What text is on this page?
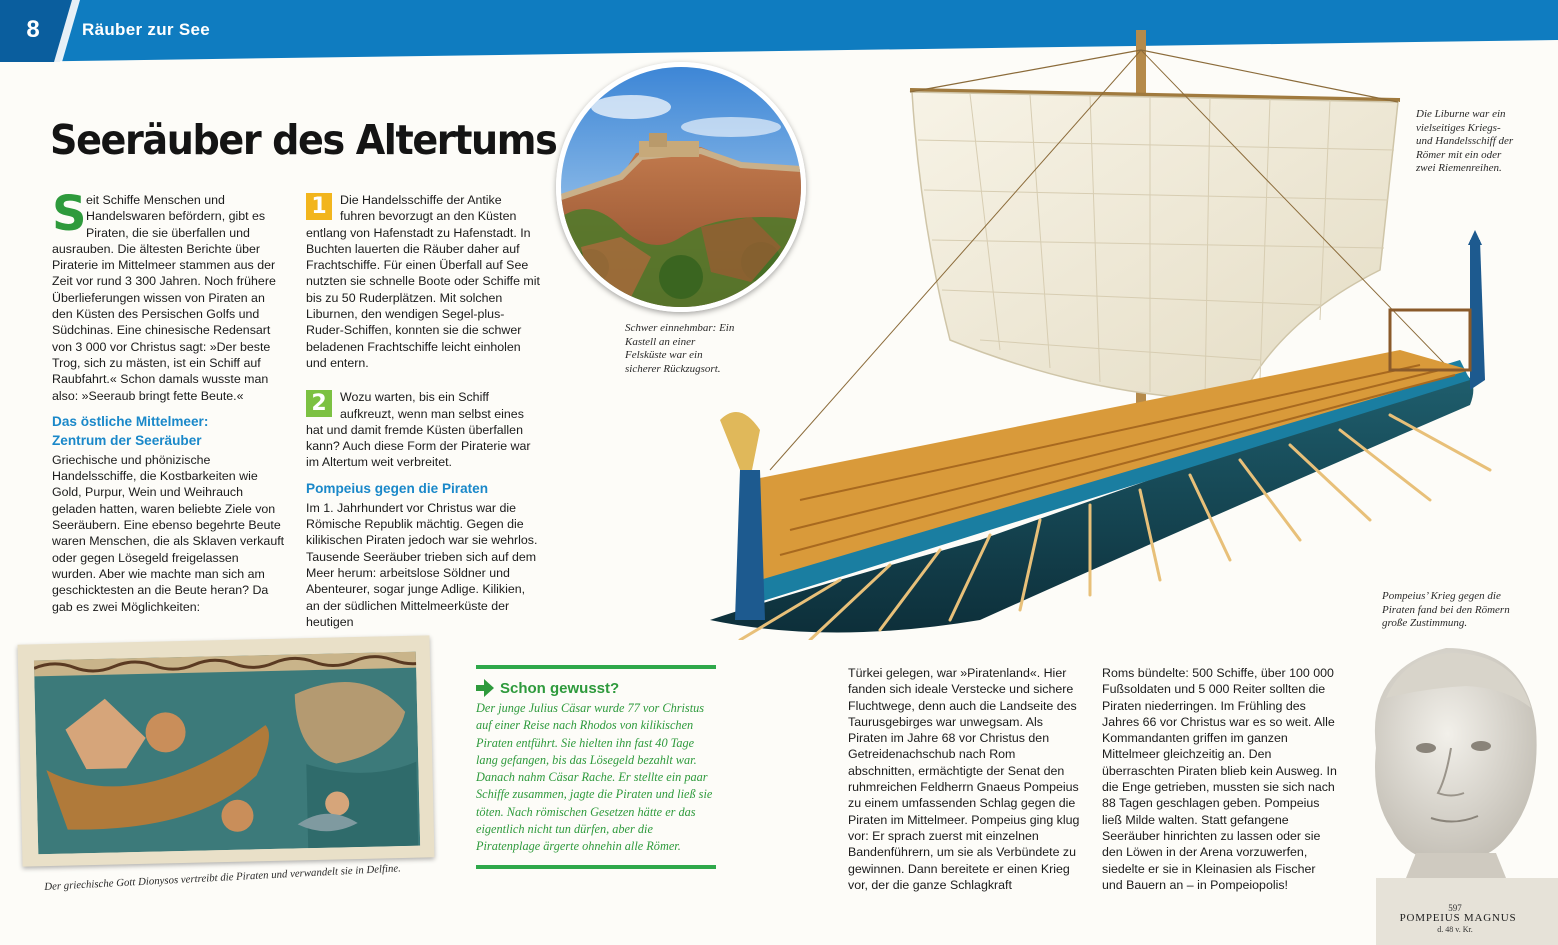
8	Räuber zur See
Seeräuber des Altertums

Seit Schiffe Menschen und Handelswaren befördern, gibt es Piraten, die sie überfallen und ausrauben. Die ältesten Berichte über Piraterie im Mittelmeer stammen aus der Zeit vor rund 3 300 Jahren. Noch frühere Überlieferungen wissen von Piraten an den Küsten des Persischen Golfs und Südchinas. Eine chinesische Redensart von 3 000 vor Christus sagt: »Der beste Trog, sich zu mästen, ist ein Schiff auf Raubfahrt.« Schon damals wusste man also: »Seeraub bringt fette Beute.«

Das östliche Mittelmeer:
Zentrum der Seeräuber

Griechische und phönizische Handelsschiffe, die Kostbarkeiten wie Gold, Purpur, Wein und Weihrauch geladen hatten, waren beliebte Ziele von Seeräubern. Eine ebenso begehrte Beute waren Menschen, die als Sklaven verkauft oder gegen Lösegeld freigelassen wurden. Aber wie machte man sich am geschicktesten an die Beute heran? Da gab es zwei Möglichkeiten:

1	Die Handelsschiffe der Antike fuhren bevorzugt an den Küsten entlang von Hafenstadt zu Hafenstadt. In Buchten lauerten die Räuber daher auf Frachtschiffe. Für einen Überfall auf See nutzten sie schnelle Boote oder Schiffe mit bis zu 50 Ruderplätzen. Mit solchen Liburnen, den wendigen Segel-plus-Ruder-Schiffen, konnten sie die schwer beladenen Frachtschiffe leicht einholen und entern.

2	Wozu warten, bis ein Schiff aufkreuzt, wenn man selbst eines hat und damit fremde Küsten überfallen kann? Auch diese Form der Piraterie war im Altertum weit verbreitet.

Pompeius gegen die Piraten

Im 1. Jahrhundert vor Christus war die Römische Republik mächtig. Gegen die kilikischen Piraten jedoch war sie wehrlos. Tausende Seeräuber trieben sich auf dem Meer herum: arbeitslose Söldner und Abenteurer, sogar junge Adlige. Kilikien, an der südlichen Mittelmeerküste der heutigen

Türkei gelegen, war »Piratenland«. Hier fanden sich ideale Verstecke und sichere Fluchtwege, denn auch die Landseite des Taurusgebirges war unwegsam. Als Piraten im Jahre 68 vor Christus den Getreidenachschub nach Rom abschnitten, ermächtigte der Senat den ruhmreichen Feldherrn Gnaeus Pompeius zu einem umfassenden Schlag gegen die Piraten im Mittelmeer. Pompeius ging klug vor: Er sprach zuerst mit einzelnen Bandenführern, um sie als Verbündete zu gewinnen. Dann bereitete er einen Krieg vor, der die ganze Schlagkraft

Roms bündelte: 500 Schiffe, über 100 000 Fußsoldaten und 5 000 Reiter sollten die Piraten niederringen. Im Frühling des Jahres 66 vor Christus war es so weit. Alle Kommandanten griffen im ganzen Mittelmeer gleichzeitig an. Den überraschten Piraten blieb kein Ausweg. In die Enge getrieben, mussten sie sich nach 88 Tagen geschlagen geben. Pompeius ließ Milde walten. Statt gefangene Seeräuber hinrichten zu lassen oder sie den Löwen in der Arena vorzuwerfen, siedelte er sie in Kleinasien als Fischer und Bauern an – in Pompeiopolis!

Schon gewusst?

Der junge Julius Cäsar wurde 77 vor Christus auf einer Reise nach Rhodos von kilikischen Piraten entführt. Sie hielten ihn fast 40 Tage lang gefangen, bis das Lösegeld bezahlt war. Danach nahm Cäsar Rache. Er stellte ein paar Schiffe zusammen, jagte die Piraten und ließ sie töten. Nach römischen Gesetzen hätte er das eigentlich nicht tun dürfen, aber die Piratenplage ärgerte ohnehin alle Römer.

Schwer einnehmbar: Ein Kastell an einer Felsküste war ein sicherer Rückzugsort.
Die Liburne war ein vielseitiges Kriegs- und Handelsschiff der Römer mit ein oder zwei Riemenreihen.
Der griechische Gott Dionysos vertreibt die Piraten und verwandelt sie in Delfine.
Pompeius’ Krieg gegen die Piraten fand bei den Römern große Zustimmung.
597
POMPEIUS MAGNUS
d. 48 v. Kr.
